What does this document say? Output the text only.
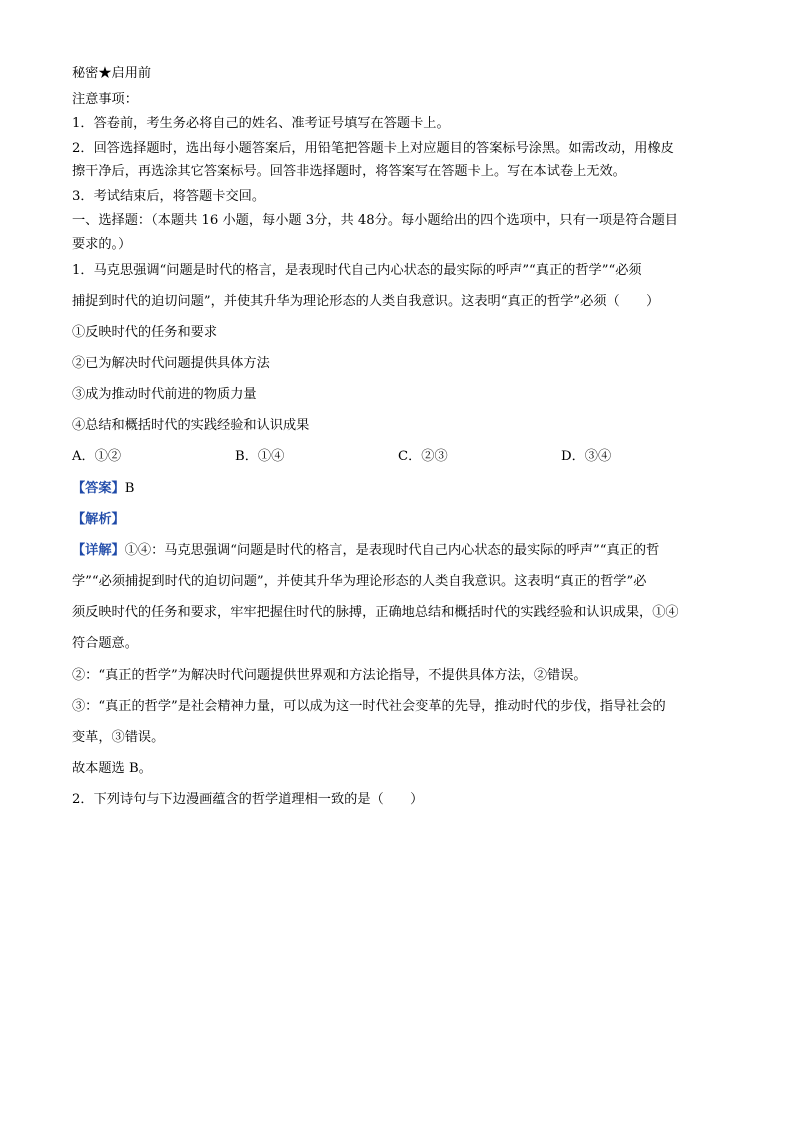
秘密★启用前
注意事项：
1．答卷前，考生务必将自己的姓名、准考证号填写在答题卡上。
2．回答选择题时，选出每小题答案后，用铅笔把答题卡上对应题目的答案标号涂黑。如需改动，用橡皮
擦干净后，再选涂其它答案标号。回答非选择题时，将答案写在答题卡上。写在本试卷上无效。
3．考试结束后，将答题卡交回。
一、选择题：（本题共 16 小题，每小题 3分，共 48分。每小题给出的四个选项中，只有一项是符合题目
要求的。）
1．马克思强调“问题是时代的格言，是表现时代自己内心状态的最实际的呼声”“真正的哲学”“必须
捕捉到时代的迫切问题”，并使其升华为理论形态的人类自我意识。这表明“真正的哲学”必须（　　）
①反映时代的任务和要求
②已为解决时代问题提供具体方法
③成为推动时代前进的物质力量
④总结和概括时代的实践经验和认识成果
A．①②	B．①④	C．②③	D．③④
【答案】B
【解析】
【详解】①④：马克思强调“问题是时代的格言，是表现时代自己内心状态的最实际的呼声”“真正的哲
学”“必须捕捉到时代的迫切问题”，并使其升华为理论形态的人类自我意识。这表明“真正的哲学”必
须反映时代的任务和要求，牢牢把握住时代的脉搏，正确地总结和概括时代的实践经验和认识成果，①④
符合题意。
②：“真正的哲学”为解决时代问题提供世界观和方法论指导，不提供具体方法，②错误。
③：“真正的哲学”是社会精神力量，可以成为这一时代社会变革的先导，推动时代的步伐，指导社会的
变革，③错误。
故本题选 B。
2．下列诗句与下边漫画蕴含的哲学道理相一致的是（　　）
